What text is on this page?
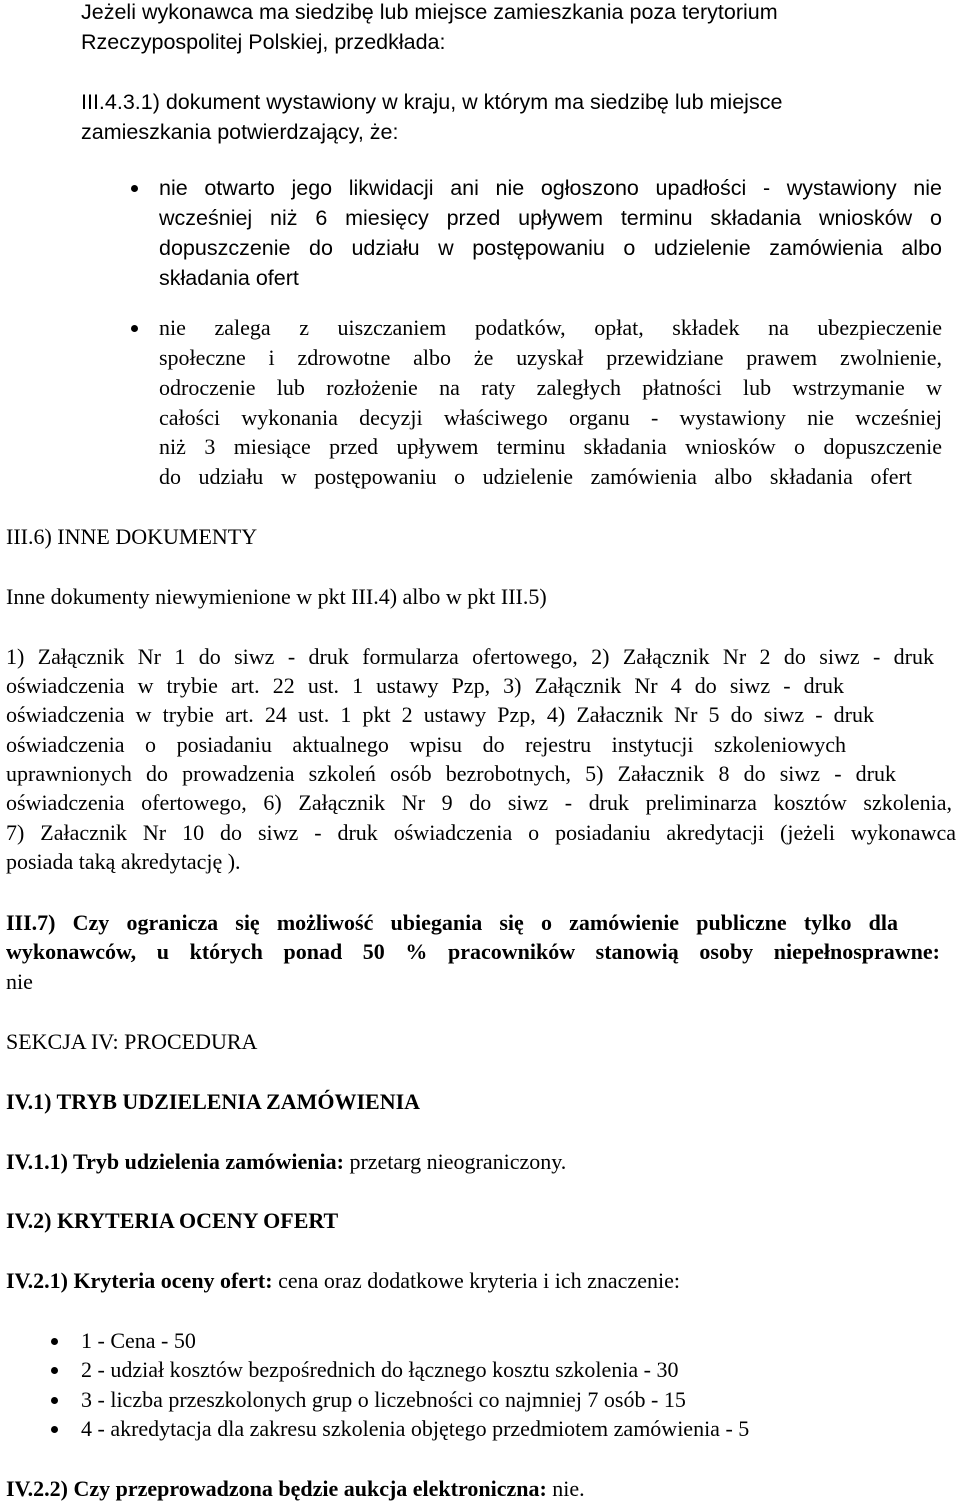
Jeżeli wykonawca ma siedzibę lub miejsce zamieszkania poza terytorium
Rzeczypospolitej Polskiej, przedkłada:
III.4.3.1) dokument wystawiony w kraju, w którym ma siedzibę lub miejsce
zamieszkania potwierdzający, że:
nie otwarto jego likwidacji ani nie ogłoszono upadłości - wystawiony nie
wcześniej niż 6 miesięcy przed upływem terminu składania wniosków o
dopuszczenie do udziału w postępowaniu o udzielenie zamówienia albo
składania ofert
nie zalega z uiszczaniem podatków, opłat, składek na ubezpieczenie
społeczne i zdrowotne albo że uzyskał przewidziane prawem zwolnienie,
odroczenie lub rozłożenie na raty zaległych płatności lub wstrzymanie w
całości wykonania decyzji właściwego organu - wystawiony nie wcześniej
niż 3 miesiące przed upływem terminu składania wniosków o dopuszczenie
do udziału w postępowaniu o udzielenie zamówienia albo składania ofert
III.6) INNE DOKUMENTY
Inne dokumenty niewymienione w pkt III.4) albo w pkt III.5)
1) Załącznik Nr 1 do siwz - druk formularza ofertowego, 2) Załącznik Nr 2 do siwz - druk
oświadczenia w trybie art. 22 ust. 1 ustawy Pzp, 3) Załącznik Nr 4 do siwz - druk
oświadczenia w trybie art. 24 ust. 1 pkt 2 ustawy Pzp, 4) Załacznik Nr 5 do siwz - druk
oświadczenia o posiadaniu aktualnego wpisu do rejestru instytucji szkoleniowych
uprawnionych do prowadzenia szkoleń osób bezrobotnych, 5) Załacznik 8 do siwz - druk
oświadczenia ofertowego, 6) Załącznik Nr 9 do siwz - druk preliminarza kosztów szkolenia,
7) Załacznik Nr 10 do siwz - druk oświadczenia o posiadaniu akredytacji (jeżeli wykonawca
posiada taką akredytację ).
III.7) Czy ogranicza się możliwość ubiegania się o zamówienie publiczne tylko dla
wykonawców, u których ponad 50 % pracowników stanowią osoby niepełnosprawne:
nie
SEKCJA IV: PROCEDURA
IV.1) TRYB UDZIELENIA ZAMÓWIENIA
IV.1.1) Tryb udzielenia zamówienia: przetarg nieograniczony.
IV.2) KRYTERIA OCENY OFERT
IV.2.1) Kryteria oceny ofert: cena oraz dodatkowe kryteria i ich znaczenie:
1 - Cena - 50
2 - udział kosztów bezpośrednich do łącznego kosztu szkolenia - 30
3 - liczba przeszkolonych grup o liczebności co najmniej 7 osób - 15
4 - akredytacja dla zakresu szkolenia objętego przedmiotem zamówienia - 5
IV.2.2) Czy przeprowadzona będzie aukcja elektroniczna: nie.
